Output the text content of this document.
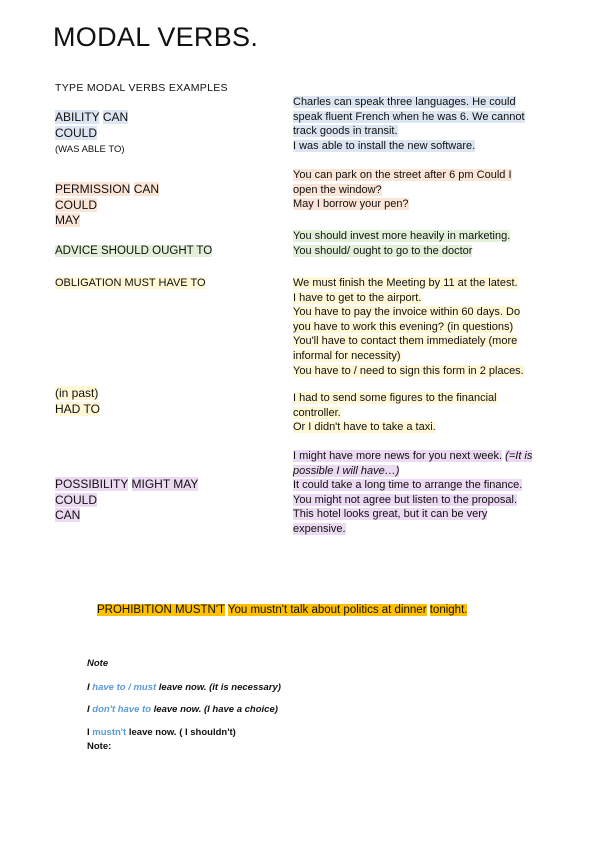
MODAL VERBS.
TYPE MODAL VERBS EXAMPLES
ABILITY CAN
COULD
(WAS ABLE TO)
Charles can speak three languages. He could speak fluent French when he was 6. We cannot track goods in transit.
I was able to install the new software.
PERMISSION CAN
COULD
MAY
You can park on the street after 6 pm Could I open the window?
May I borrow your pen?
ADVICE SHOULD OUGHT TO
You should invest more heavily in marketing.
You should/ ought to go to the doctor
OBLIGATION MUST HAVE TO	We must finish the Meeting by 11 at the latest.
I have to get to the airport.
You have to pay the invoice within 60 days. Do you have to work this evening? (in questions)
You'll have to contact them immediately (more informal for necessity)
You have to / need to sign this form in 2 places.
(in past)
HAD TO
I had to send some figures to the financial controller.
Or I didn't have to take a taxi.
POSSIBILITY MIGHT MAY
COULD
CAN
I might have more news for you next week. (=It is possible I will have…)
It could take a long time to arrange the finance.
You might not agree but listen to the proposal.
This hotel looks great, but it can be very expensive.
PROHIBITION MUSTN'T You mustn't talk about politics at dinner tonight.
Note
I have to / must leave now. (it is necessary)
I don't have to leave now. (I have a choice)
I mustn't leave now. ( I shouldn't)
Note:
